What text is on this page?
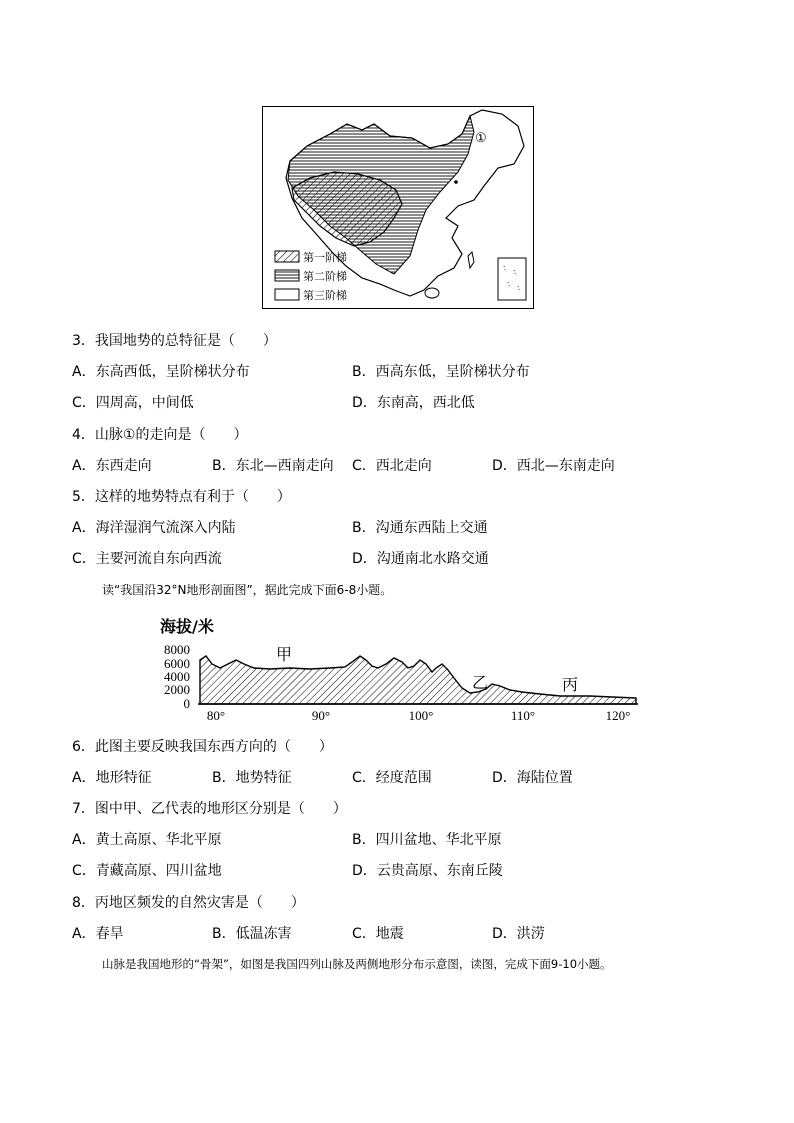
①
第一阶梯
第二阶梯
第三阶梯
3．我国地势的总特征是（　　）
A．东高西低，呈阶梯状分布	B．西高东低，呈阶梯状分布
C．四周高，中间低	D．东南高，西北低
4．山脉①的走向是（　　）
A．东西走向	B．东北—西南走向 C．西北走向	D．西北—东南走向
5．这样的地势特点有利于（　　）
A．海洋湿润气流深入内陆	B．沟通东西陆上交通
C．主要河流自东向西流	D．沟通南北水路交通
读“我国沿32°N地形剖面图”，据此完成下面6-8小题。
海拔/米
8000
6000
4000
2000
0
甲
乙	丙
80°	90°	100°	110°	120°
6．此图主要反映我国东西方向的（　　）
A．地形特征	B．地势特征	C．经度范围	D．海陆位置
7．图中甲、乙代表的地形区分别是（　　）
A．黄土高原、华北平原	B．四川盆地、华北平原
C．青藏高原、四川盆地	D．云贵高原、东南丘陵
8．丙地区频发的自然灾害是（　　）
A．春旱	B．低温冻害	C．地震	D．洪涝
山脉是我国地形的“骨架”，如图是我国四列山脉及两侧地形分布示意图，读图，完成下面9-10小题。
